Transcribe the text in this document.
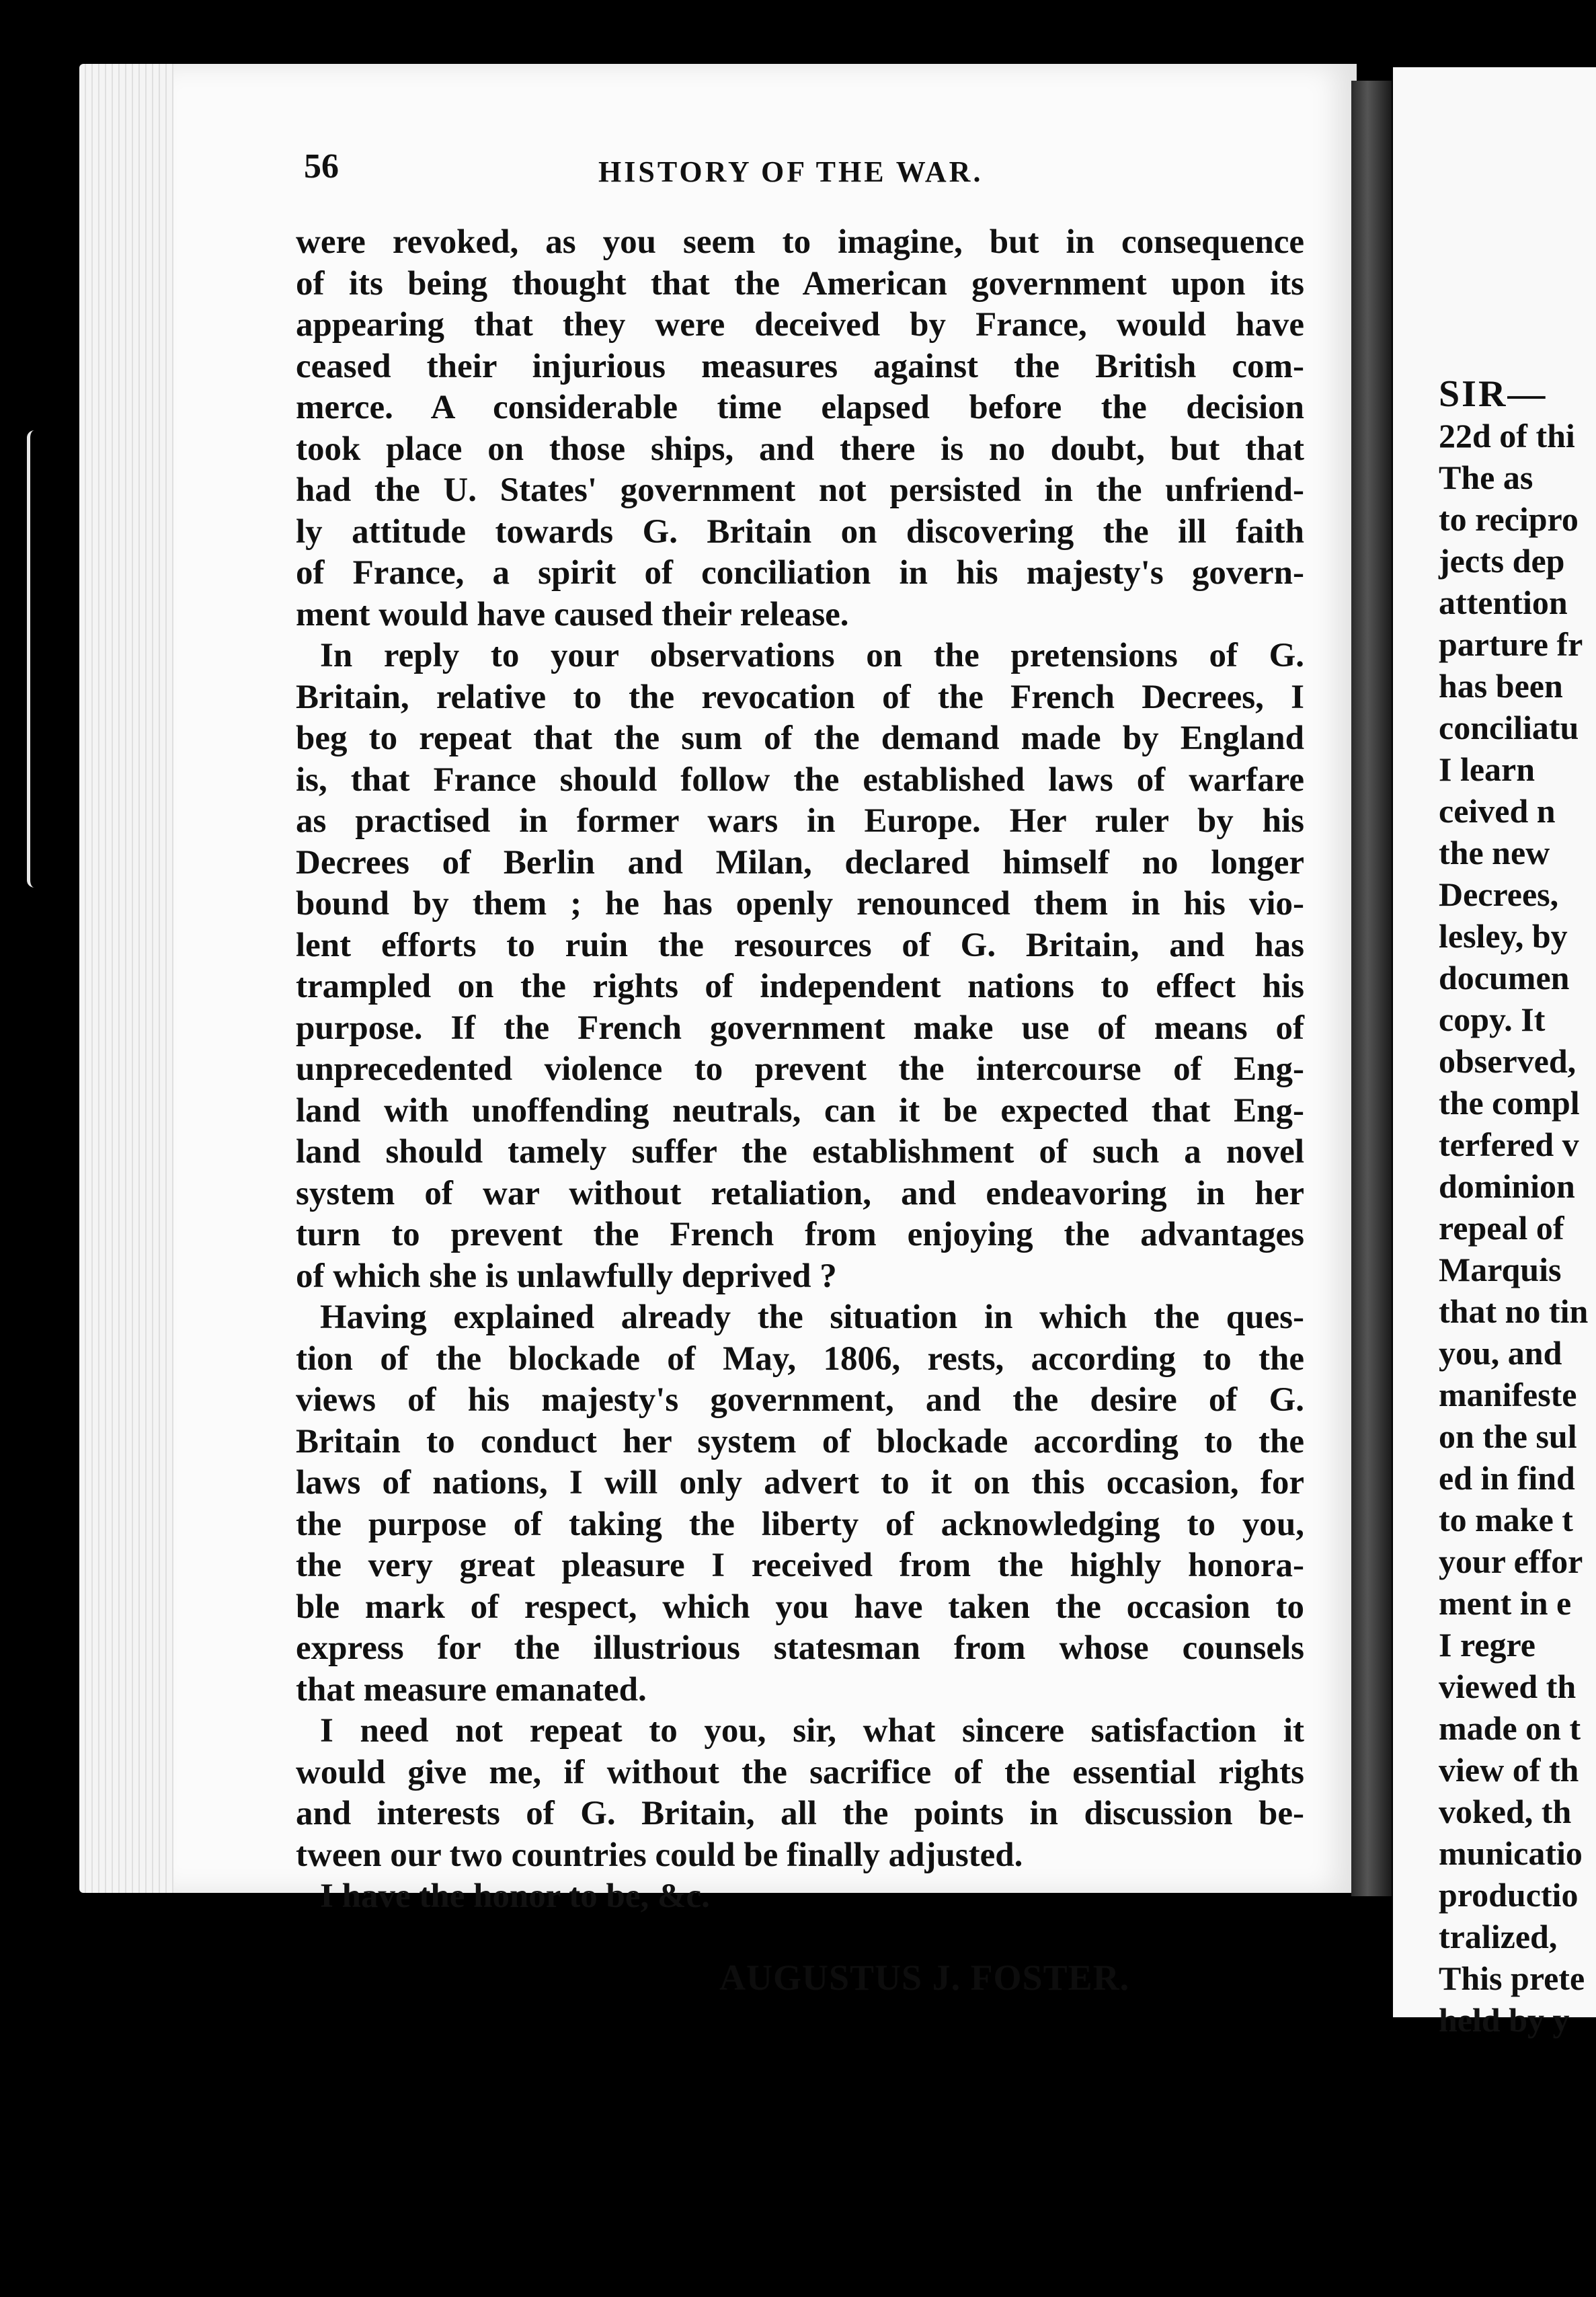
56	HISTORY OF THE WAR.
were revoked, as you seem to imagine, but in consequence
of its being thought that the American government upon its
appearing that they were deceived by France, would have
ceased their injurious measures against the British com-
merce. A considerable time elapsed before the decision
took place on those ships, and there is no doubt, but that
had the U. States' government not persisted in the unfriend-
ly attitude towards G. Britain on discovering the ill faith
of France, a spirit of conciliation in his majesty's govern-
ment would have caused their release.
In reply to your observations on the pretensions of G.
Britain, relative to the revocation of the French Decrees, I
beg to repeat that the sum of the demand made by England
is, that France should follow the established laws of warfare
as practised in former wars in Europe. Her ruler by his
Decrees of Berlin and Milan, declared himself no longer
bound by them ; he has openly renounced them in his vio-
lent efforts to ruin the resources of G. Britain, and has
trampled on the rights of independent nations to effect his
purpose. If the French government make use of means of
unprecedented violence to prevent the intercourse of Eng-
land with unoffending neutrals, can it be expected that Eng-
land should tamely suffer the establishment of such a novel
system of war without retaliation, and endeavoring in her
turn to prevent the French from enjoying the advantages
of which she is unlawfully deprived ?
Having explained already the situation in which the ques-
tion of the blockade of May, 1806, rests, according to the
views of his majesty's government, and the desire of G.
Britain to conduct her system of blockade according to the
laws of nations, I will only advert to it on this occasion, for
the purpose of taking the liberty of acknowledging to you,
the very great pleasure I received from the highly honora-
ble mark of respect, which you have taken the occasion to
express for the illustrious statesman from whose counsels
that measure emanated.
I need not repeat to you, sir, what sincere satisfaction it
would give me, if without the sacrifice of the essential rights
and interests of G. Britain, all the points in discussion be-
tween our two countries could be finally adjusted.
I have the honor to be, &c.
AUGUSTUS J. FOSTER.
SIR—
22d of thi
The as
to recipro
jects dep
attention
parture fr
has been
conciliatu
I learn
ceived n
the new
Decrees,
lesley, by
documen
copy. It
observed,
the compl
terfered v
dominion
repeal of
Marquis
that no tin
you, and
manifeste
on the sul
ed in find
to make t
your effor
ment in e
I regre
viewed th
made on t
view of th
voked, th
municatio
productio
tralized,
This prete
held by y
